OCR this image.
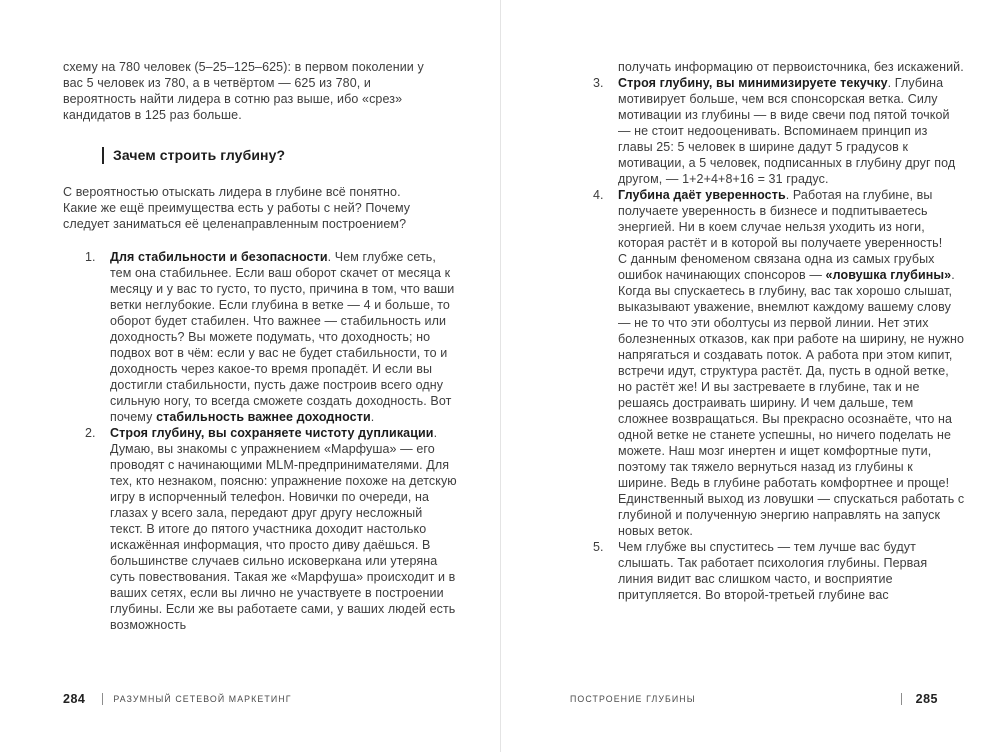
схему на 780 человек (5–25–125–625): в первом поколении у вас 5 человек из 780, а в четвёртом — 625 из 780, и вероятность найти лидера в сотню раз выше, ибо «срез» кандидатов в 125 раз больше.

Зачем строить глубину?

С вероятностью отыскать лидера в глубине всё понятно. Какие же ещё преимущества есть у работы с ней? Почему следует заниматься её целенаправленным построением?

1.	Для стабильности и безопасности. Чем глубже сеть, тем она стабильнее. Если ваш оборот скачет от месяца к месяцу и у вас то густо, то пусто, причина в том, что ваши ветки неглубокие. Если глубина в ветке — 4 и больше, то оборот будет стабилен. Что важнее — стабильность или доходность? Вы можете подумать, что доходность; но подвох вот в чём: если у вас не будет стабильности, то и доходность через какое-то время пропадёт. И если вы достигли стабильности, пусть даже построив всего одну сильную ногу, то всегда сможете создать доходность. Вот почему стабильность важнее доходности.
2.	Строя глубину, вы сохраняете чистоту дупликации. Думаю, вы знакомы с упражнением «Марфуша» — его проводят с начинающими MLM-предпринимателями. Для тех, кто незнаком, поясню: упражнение похоже на детскую игру в испорченный телефон. Новички по очереди, на глазах у всего зала, передают друг другу несложный текст. В итоге до пятого участника доходит настолько искажённая информация, что просто диву даёшься. В большинстве случаев сильно исковеркана или утеряна суть повествования. Такая же «Марфуша» происходит и в ваших сетях, если вы лично не участвуете в построении глубины. Если же вы работаете сами, у ваших людей есть возможность
284	РАЗУМНЫЙ СЕТЕВОЙ МАРКЕТИНГ

получать информацию от первоисточника, без искажений.

3.	Строя глубину, вы минимизируете текучку. Глубина мотивирует больше, чем вся спонсорская ветка. Силу мотивации из глубины — в виде свечи под пятой точкой — не стоит недооценивать. Вспоминаем принцип из главы 25: 5 человек в ширине дадут 5 градусов к мотивации, а 5 человек, подписанных в глубину друг под другом, — 1+2+4+8+16 = 31 градус.
4.	Глубина даёт уверенность. Работая на глубине, вы получаете уверенность в бизнесе и подпитываетесь энергией. Ни в коем случае нельзя уходить из ноги, которая растёт и в которой вы получаете уверенность!
С данным феноменом связана одна из самых грубых ошибок начинающих спонсоров — «ловушка глубины». Когда вы спускаетесь в глубину, вас так хорошо слышат, выказывают уважение, внемлют каждому вашему слову — не то что эти оболтусы из первой линии. Нет этих болезненных отказов, как при работе на ширину, не нужно напрягаться и создавать поток. А работа при этом кипит, встречи идут, структура растёт. Да, пусть в одной ветке, но растёт же! И вы застреваете в глубине, так и не решаясь достраивать ширину. И чем дальше, тем сложнее возвращаться. Вы прекрасно осознаёте, что на одной ветке не станете успешны, но ничего поделать не можете. Наш мозг инертен и ищет комфортные пути, поэтому так тяжело вернуться назад из глубины к ширине. Ведь в глубине работать комфортнее и проще!
Единственный выход из ловушки — спускаться работать с глубиной и полученную энергию направлять на запуск новых веток.
5.	Чем глубже вы спуститесь — тем лучше вас будут слышать. Так работает психология глубины. Первая линия видит вас слишком часто, и восприятие притупляется. Во второй-третьей глубине вас
ПОСТРОЕНИЕ ГЛУБИНЫ	285
